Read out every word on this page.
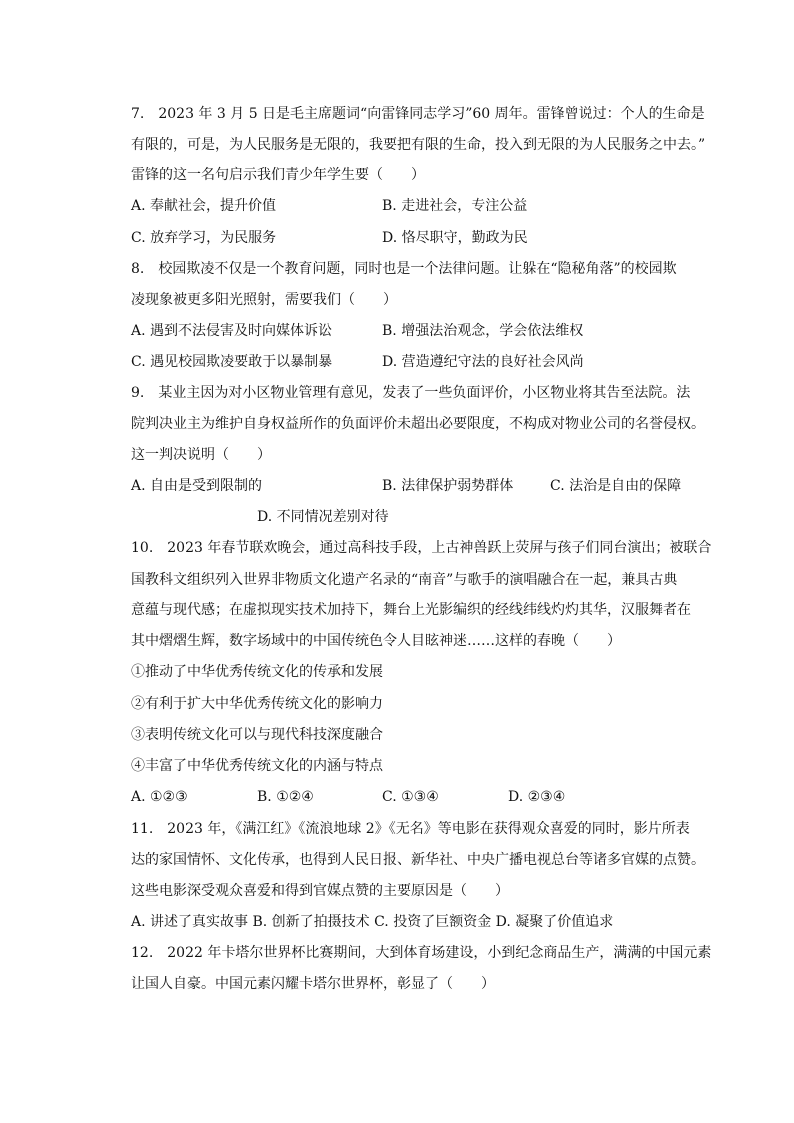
7.　2023 年 3 月 5 日是毛主席题词“向雷锋同志学习”60 周年。雷锋曾说过：个人的生命是
有限的，可是，为人民服务是无限的，我要把有限的生命，投入到无限的为人民服务之中去。”
雷锋的这一名句启示我们青少年学生要（　　）
A. 奉献社会，提升价值	B. 走进社会，专注公益
C. 放弃学习，为民服务	D. 恪尽职守，勤政为民
8.　校园欺凌不仅是一个教育问题，同时也是一个法律问题。让躲在“隐秘角落”的校园欺
凌现象被更多阳光照射，需要我们（　　）
A. 遇到不法侵害及时向媒体诉讼	B. 增强法治观念，学会依法维权
C. 遇见校园欺凌要敢于以暴制暴	D. 营造遵纪守法的良好社会风尚
9.　某业主因为对小区物业管理有意见，发表了一些负面评价，小区物业将其告至法院。法
院判决业主为维护自身权益所作的负面评价未超出必要限度，不构成对物业公司的名誉侵权。
这一判决说明（　　）
A. 自由是受到限制的	B. 法律保护弱势群体	C. 法治是自由的保障
D. 不同情况差别对待
10.　2023 年春节联欢晚会，通过高科技手段，上古神兽跃上荧屏与孩子们同台演出；被联合
国教科文组织列入世界非物质文化遗产名录的“南音”与歌手的演唱融合在一起，兼具古典
意蕴与现代感；在虚拟现实技术加持下，舞台上光影编织的经线纬线灼灼其华，汉服舞者在
其中熠熠生辉，数字场域中的中国传统色令人目眩神迷……这样的春晚（　　）
①推动了中华优秀传统文化的传承和发展
②有利于扩大中华优秀传统文化的影响力
③表明传统文化可以与现代科技深度融合
④丰富了中华优秀传统文化的内涵与特点
A. ①②③	B. ①②④	C. ①③④	D. ②③④
11.　2023 年，《满江红》《流浪地球 2》《无名》等电影在获得观众喜爱的同时，影片所表
达的家国情怀、文化传承，也得到人民日报、新华社、中央广播电视总台等诸多官媒的点赞。
这些电影深受观众喜爱和得到官媒点赞的主要原因是（　　）
A. 讲述了真实故事 B. 创新了拍摄技术 C. 投资了巨额资金 D. 凝聚了价值追求
12.　2022 年卡塔尔世界杯比赛期间，大到体育场建设，小到纪念商品生产，满满的中国元素
让国人自豪。中国元素闪耀卡塔尔世界杯，彰显了（　　）
